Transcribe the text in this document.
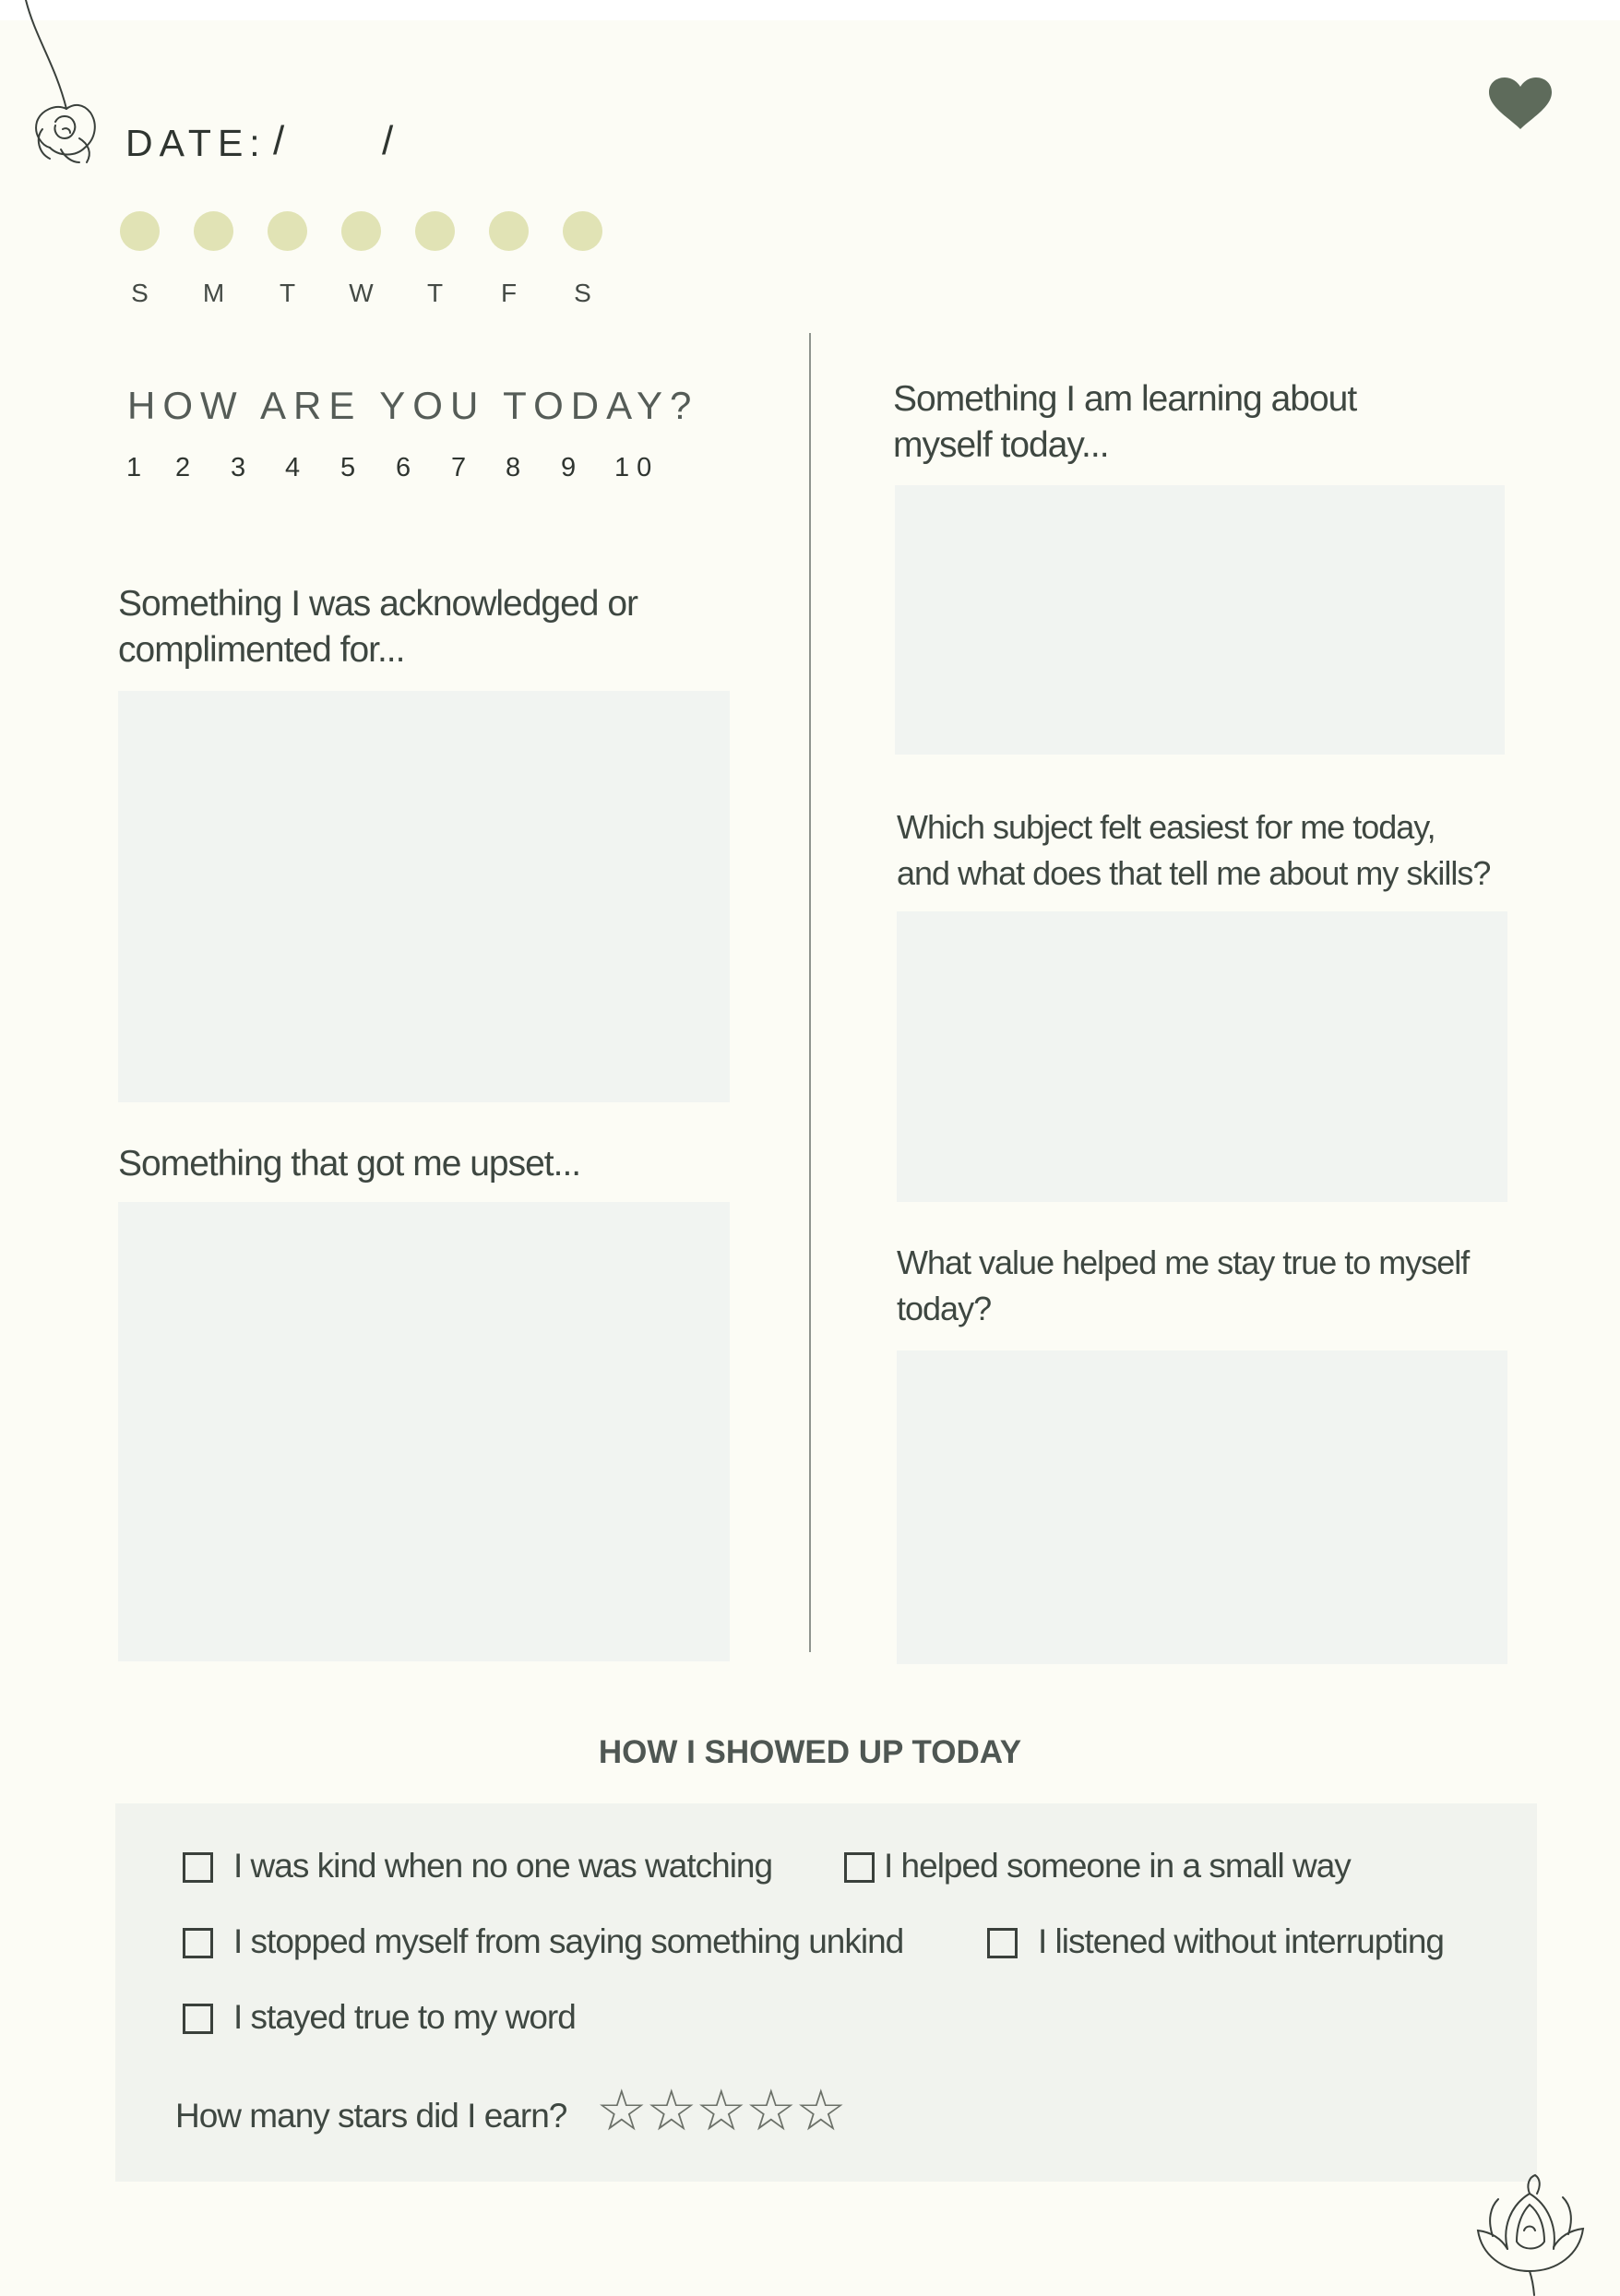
DATE: / /
S	M	T	W	T	F	S
HOW ARE YOU TODAY?
1 2 3 4 5 6 7 8 9 10
Something I was acknowledged or
complimented for...
Something that got me upset...
Something I am learning about
myself today...
Which subject felt easiest for me today,
and what does that tell me about my skills?
What value helped me stay true to myself
today?
HOW I SHOWED UP TODAY
I was kind when no one was watching	I helped someone in a small way
I stopped myself from saying something unkind	I listened without interrupting
I stayed true to my word
How many stars did I earn? ☆
☆
☆
☆
☆
